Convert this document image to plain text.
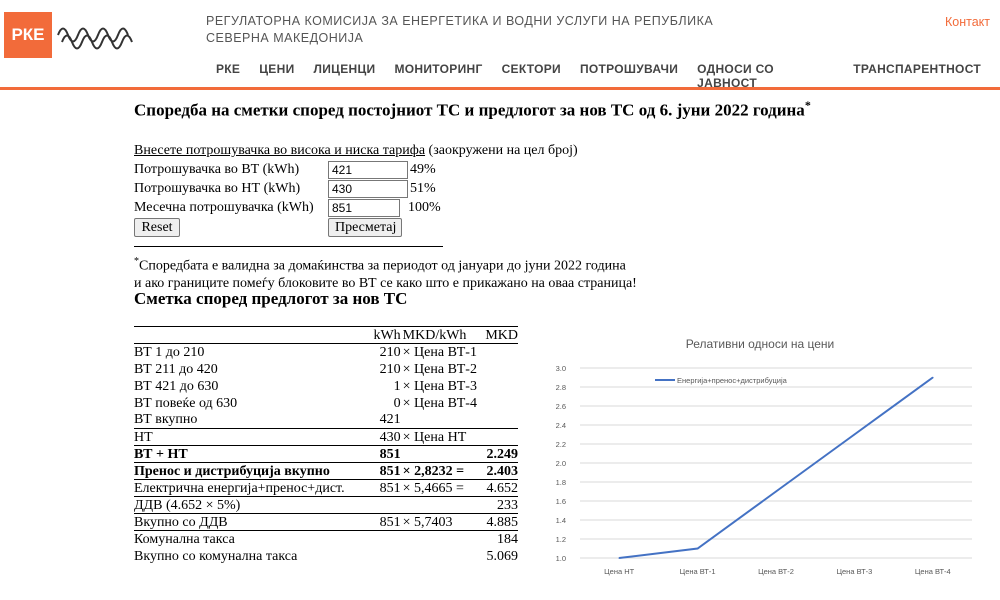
РКЕ
РЕГУЛАТОРНА КОМИСИЈА ЗА ЕНЕРГЕТИКА И ВОДНИ УСЛУГИ НА РЕПУБЛИКА
СЕВЕРНА МАКЕДОНИЈА
Контакт
РКЕ ЦЕНИ ЛИЦЕНЦИ МОНИТОРИНГ СЕКТОРИ ПОТРОШУВАЧИ ОДНОСИ СО ЈАВНОСТ
ТРАНСПАРЕНТНОСТ
Споредба на сметки според постојниот ТС и предлогот за нов ТС од 6. јуни 2022 година*
Внесете потрошувачка во висока и ниска тарифа (заокружени на цел број)
Потрошувачка во ВТ (kWh)
421	49%
Потрошувачка во НТ (kWh)
430	51%
Месечна потрошувачка (kWh)
851	100%
Reset	Пресметај
*Споредбата е валидна за домаќинства за периодот од јануари до јуни 2022 година
и ако границите помеѓу блоковите во ВТ се како што е прикажано на оваа страница!
Сметка според предлогот за нов ТС
	kWh	MKD/kWh	MKD
ВТ 1 до 210	210	× Цена ВТ-1	
ВТ 211 до 420	210	× Цена ВТ-2	
ВТ 421 до 630	1	× Цена ВТ-3	
ВТ повеќе од 630	0	× Цена ВТ-4	
ВТ вкупно	421		
НТ	430	× Цена НТ	
ВТ + НТ	851		2.249
Пренос и дистрибуција вкупно	851	× 2,8232 =	2.403
Електрична енергија+пренос+дист.	851	× 5,4665 =	4.652
ДДВ (4.652 × 5%)			233
Вкупно со ДДВ	851	× 5,7403	4.885
Комунална такса			184
Вкупно со комунална такса			5.069
Релативни односи на цени
1.0
1.2
1.4
1.6
1.8
2.0
2.2
2.4
2.6
2.8
3.0
Цена НТ	Цена ВТ-1	Цена ВТ-2	Цена ВТ-3	Цена ВТ-4
Енергија+пренос+дистрибуција
